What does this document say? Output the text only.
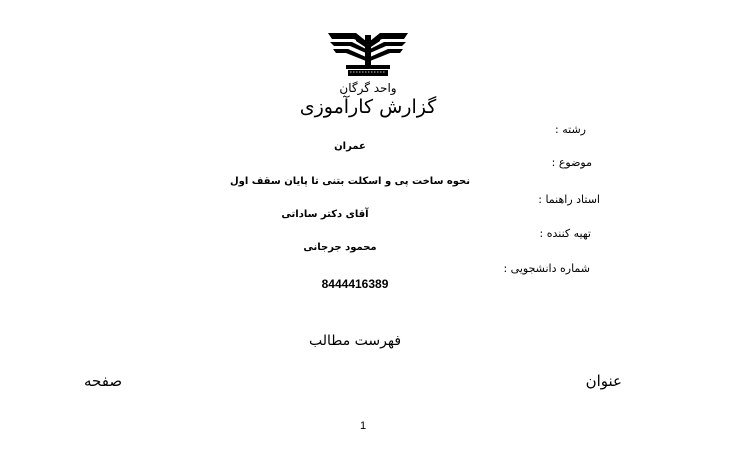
واحد گرگان
گزارش کارآموزی
رشته :
عمران
موضوع :
نحوه ساخت پی و اسکلت بتنی تا پایان سقف اول
استاد راهنما :
آقای دکتر ساداتی
تهیه کننده :
محمود جرجانی
شماره دانشجویی :
8444416389
فهرست مطالب
عنوان
صفحه
1
